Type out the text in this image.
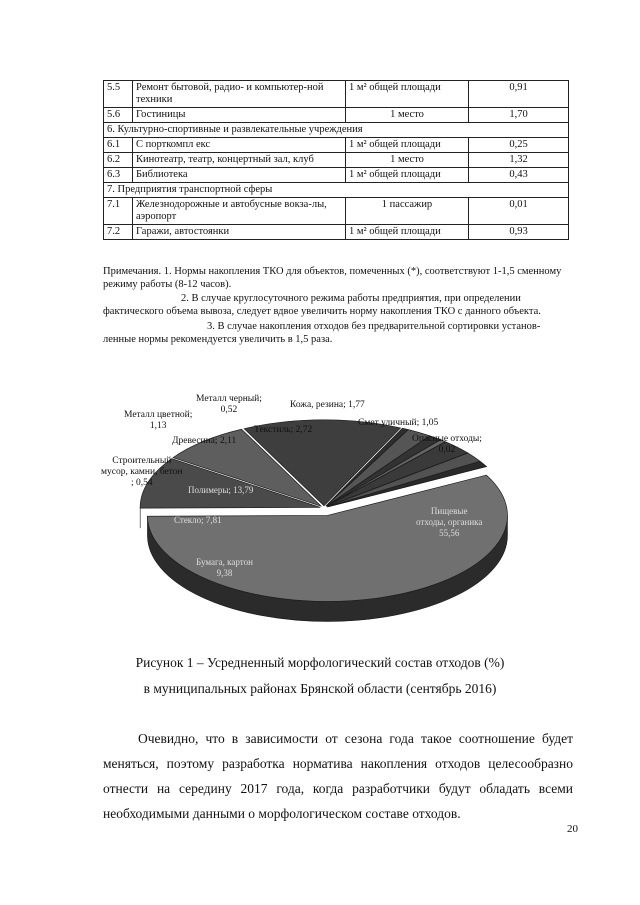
5.5	Ремонт бытовой, радио- и компьютер-ной техники	1 м² общей площади	0,91
5.6	Гостиницы	1 место	1,70
6. Культурно-спортивные и развлекательные учреждения			
6.1	С порткомпл екс	1 м² общей площади	0,25
6.2	Кинотеатр, театр, концертный зал, клуб	1 место	1,32
6.3	Библиотека	1 м² общей площади	0,43
7. Предприятия транспортной сферы			
7.1	Железнодорожные и автобусные вокза-лы, аэропорт	1 пассажир	0,01
7.2	Гаражи, автостоянки	1 м² общей площади	0,93

Примечания. 1. Нормы накопления ТКО для объектов, помеченных (*), соответствуют 1-1,5 сменному режиму работы (8-12 часов).

2. В случае круглосуточного режима работы предприятия, при определении фактического объема вывоза, следует вдвое увеличить норму накопления ТКО с данного объекта.

3. В случае накопления отходов без предварительной сортировки установ-ленные нормы рекомендуется увеличить в 1,5 раза.

Металл черный;
0,52	Кожа, резина; 1,77
Металл цветной;
1,13	Смет уличный; 1,05
Текстиль; 2,72
Древесина; 2,11	Опасные отходы;
0,02
Строительный
мусор, камни, бетон
; 0,54
Полимеры; 13,79
Стекло; 7,81
Бумага, картон
9,38
Пищевые
отходы, органика
55,56
Рисунок 1 – Усредненный морфологический состав отходов (%)
в муниципальных районах Брянской области (сентябрь 2016)

Очевидно, что в зависимости от сезона года такое соотношение будет меняться, поэтому разработка норматива накопления отходов целесообразно отнести на середину 2017 года, когда разработчики будут обладать всеми необходимыми данными о морфологическом составе отходов.

20
